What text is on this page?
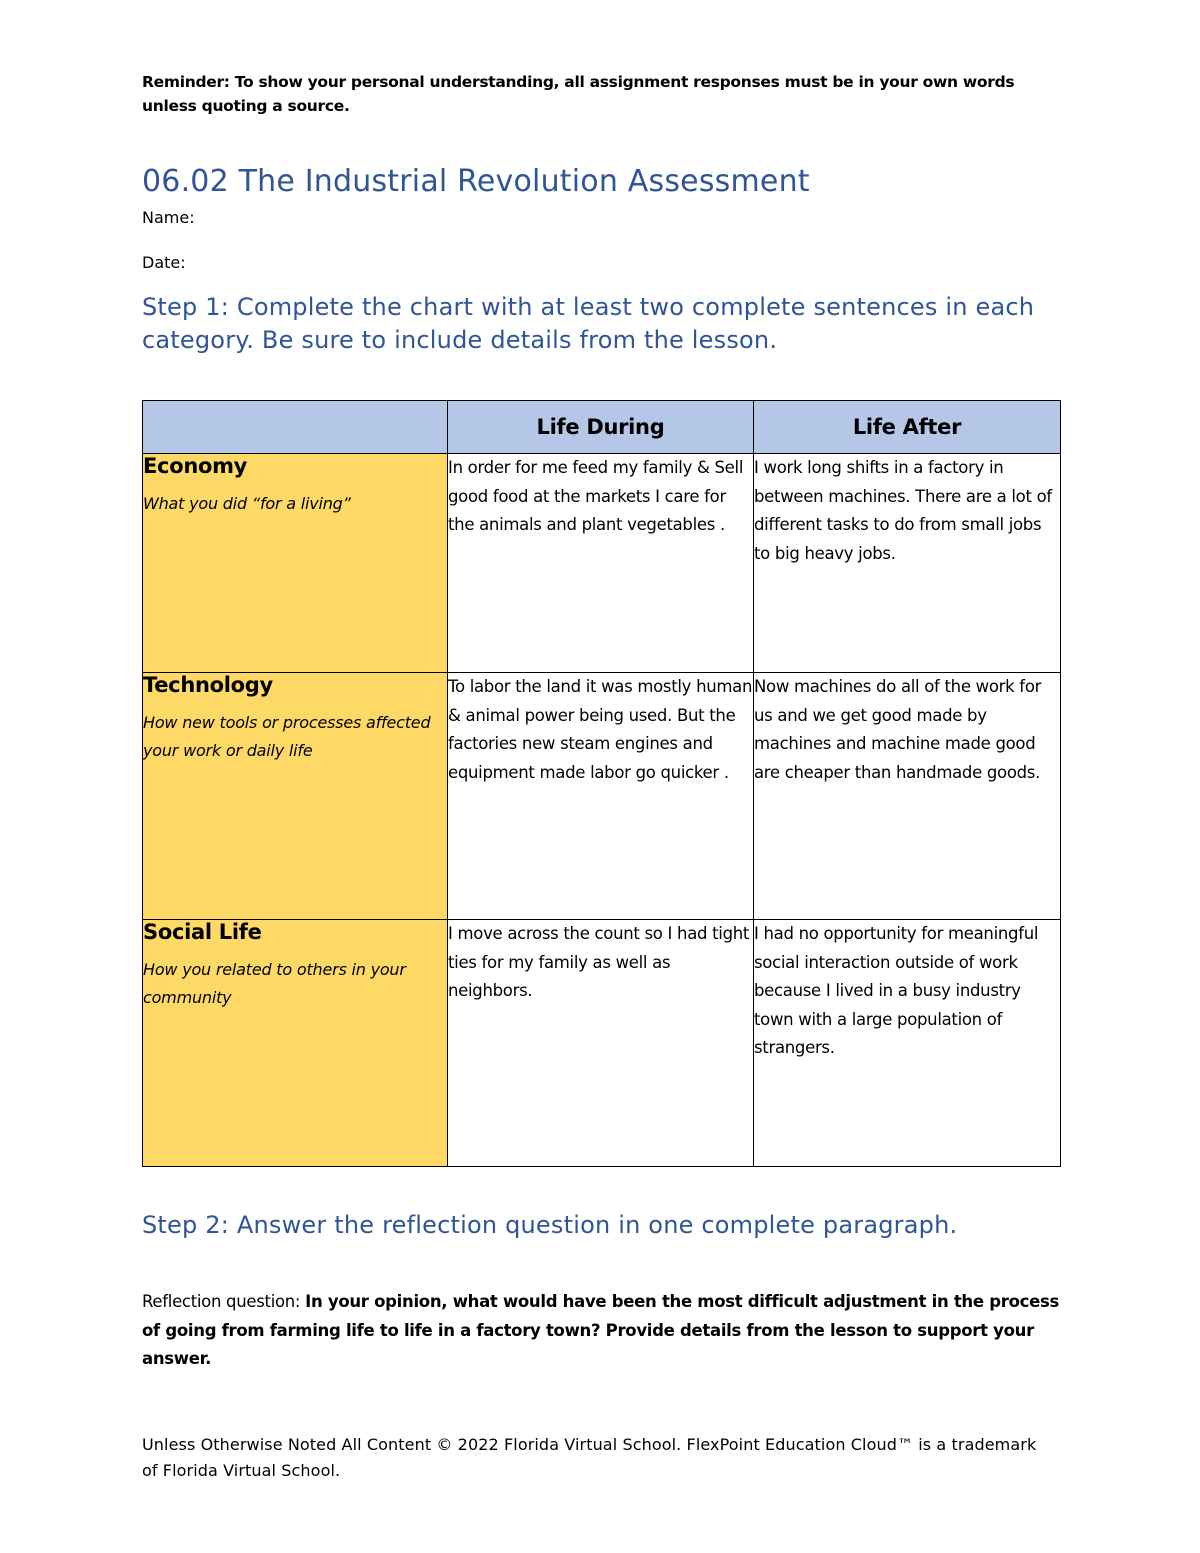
Reminder: To show your personal understanding, all assignment responses must be in your own words unless quoting a source.
06.02 The Industrial Revolution Assessment
Name:
Date:
Step 1: Complete the chart with at least two complete sentences in each category. Be sure to include details from the lesson.
	Life During	Life After

Economy
What you did “for a living”	In order for me feed my family & Sell good food at the markets I care for the animals and plant vegetables .	I work long shifts in a factory in between machines. There are a lot of different tasks to do from small jobs to big heavy jobs.

Technology
How new tools or processes affected your work or daily life	To labor the land it was mostly human & animal power being used. But the factories new steam engines and equipment made labor go quicker .	Now machines do all of the work for us and we get good made by machines and machine made good are cheaper than handmade goods.

Social Life
How you related to others in your community	I move across the count so I had tight ties for my family as well as neighbors.	I had no opportunity for meaningful social interaction outside of work because I lived in a busy industry town with a large population of strangers.
Step 2: Answer the reflection question in one complete paragraph.
Reflection question: In your opinion, what would have been the most difficult adjustment in the process of going from farming life to life in a factory town? Provide details from the lesson to support your answer.
Unless Otherwise Noted All Content © 2022 Florida Virtual School. FlexPoint Education Cloud™ is a trademark of Florida Virtual School.
